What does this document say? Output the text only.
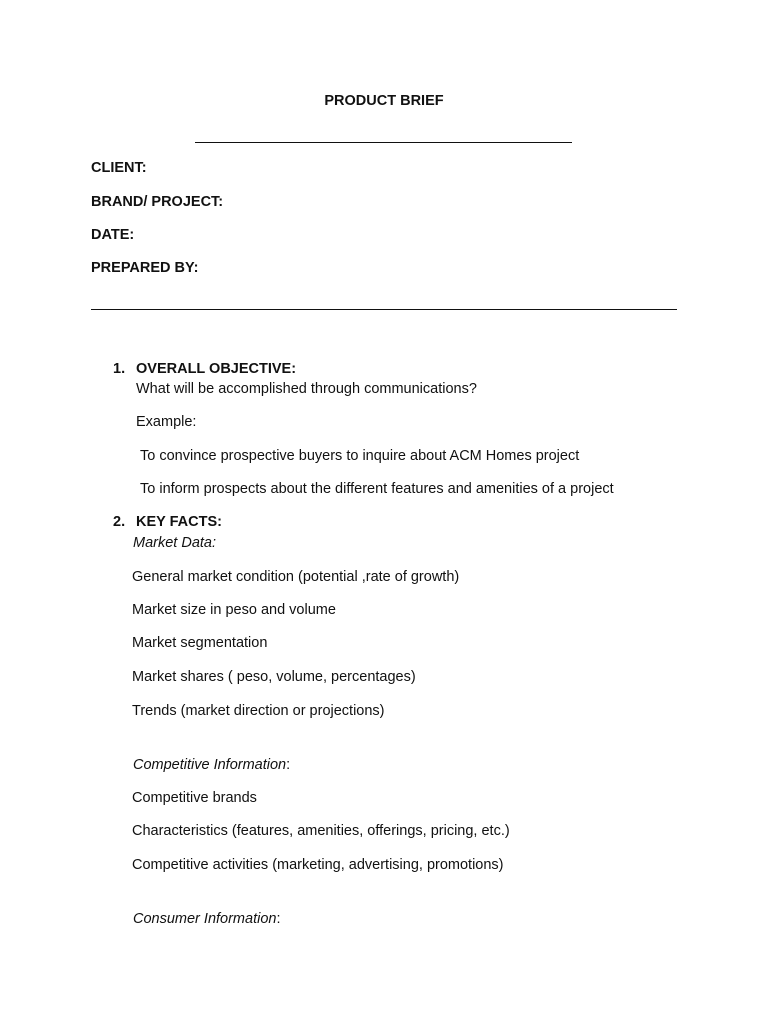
PRODUCT BRIEF
CLIENT:
BRAND/ PROJECT:
DATE:
PREPARED BY:
1. OVERALL OBJECTIVE:
What will be accomplished through communications?
Example:
To convince prospective buyers to inquire about ACM Homes project
To inform prospects about the different features and amenities of a project
2. KEY FACTS:
Market Data:
General market condition (potential ,rate of growth)
Market size in peso and volume
Market segmentation
Market shares ( peso, volume, percentages)
Trends (market direction or projections)
Competitive Information:
Competitive brands
Characteristics (features, amenities, offerings, pricing, etc.)
Competitive activities (marketing, advertising, promotions)
Consumer Information:
